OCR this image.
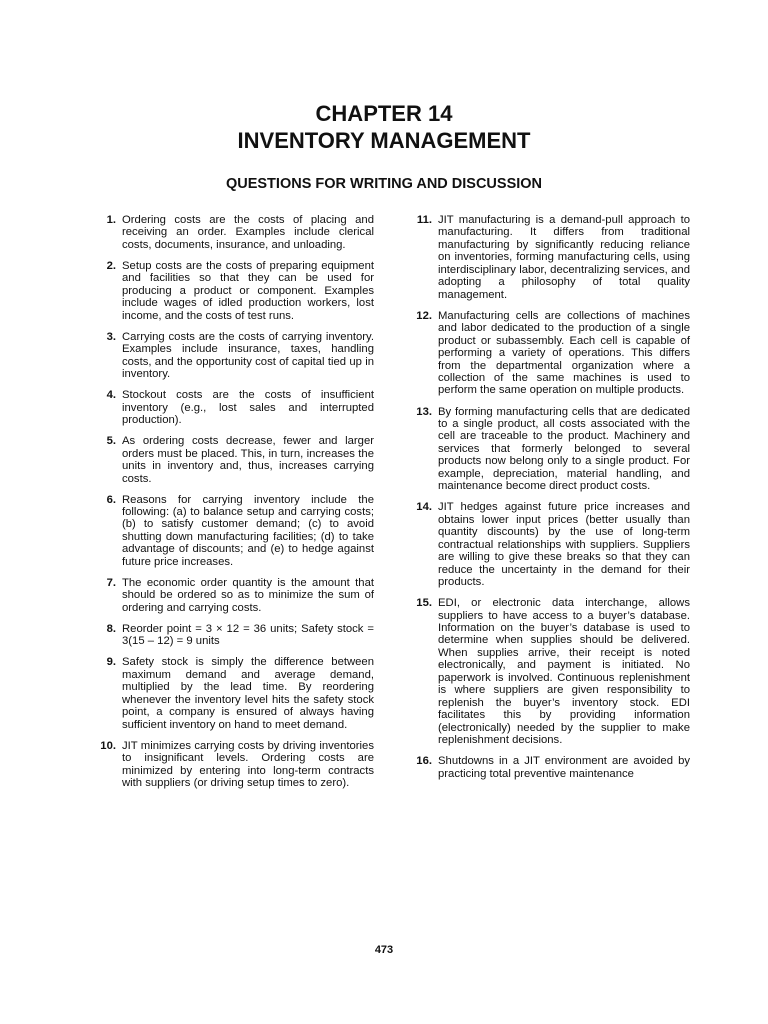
CHAPTER 14
INVENTORY MANAGEMENT
QUESTIONS FOR WRITING AND DISCUSSION
1. Ordering costs are the costs of placing and receiving an order. Examples include clerical costs, documents, insurance, and unloading.
2. Setup costs are the costs of preparing equipment and facilities so that they can be used for producing a product or component. Examples include wages of idled production workers, lost income, and the costs of test runs.
3. Carrying costs are the costs of carrying inventory. Examples include insurance, taxes, handling costs, and the opportunity cost of capital tied up in inventory.
4. Stockout costs are the costs of insufficient inventory (e.g., lost sales and interrupted production).
5. As ordering costs decrease, fewer and larger orders must be placed. This, in turn, increases the units in inventory and, thus, increases carrying costs.
6. Reasons for carrying inventory include the following: (a) to balance setup and carrying costs; (b) to satisfy customer demand; (c) to avoid shutting down manufacturing facilities; (d) to take advantage of discounts; and (e) to hedge against future price increases.
7. The economic order quantity is the amount that should be ordered so as to minimize the sum of ordering and carrying costs.
8. Reorder point = 3 × 12 = 36 units; Safety stock = 3(15 – 12) = 9 units
9. Safety stock is simply the difference between maximum demand and average demand, multiplied by the lead time. By reordering whenever the inventory level hits the safety stock point, a company is ensured of always having sufficient inventory on hand to meet demand.
10. JIT minimizes carrying costs by driving inventories to insignificant levels. Ordering costs are minimized by entering into long-term contracts with suppliers (or driving setup times to zero).
11. JIT manufacturing is a demand-pull approach to manufacturing. It differs from traditional manufacturing by significantly reducing reliance on inventories, forming manufacturing cells, using interdisciplinary labor, decentralizing services, and adopting a philosophy of total quality management.
12. Manufacturing cells are collections of machines and labor dedicated to the production of a single product or subassembly. Each cell is capable of performing a variety of operations. This differs from the departmental organization where a collection of the same machines is used to perform the same operation on multiple products.
13. By forming manufacturing cells that are dedicated to a single product, all costs associated with the cell are traceable to the product. Machinery and services that formerly belonged to several products now belong only to a single product. For example, depreciation, material handling, and maintenance become direct product costs.
14. JIT hedges against future price increases and obtains lower input prices (better usually than quantity discounts) by the use of long-term contractual relationships with suppliers. Suppliers are willing to give these breaks so that they can reduce the uncertainty in the demand for their products.
15. EDI, or electronic data interchange, allows suppliers to have access to a buyer’s database. Information on the buyer’s database is used to determine when supplies should be delivered. When supplies arrive, their receipt is noted electronically, and payment is initiated. No paperwork is involved. Continuous replenishment is where suppliers are given responsibility to replenish the buyer’s inventory stock. EDI facilitates this by providing information (electronically) needed by the supplier to make replenishment decisions.
16. Shutdowns in a JIT environment are avoided by practicing total preventive maintenance
473
